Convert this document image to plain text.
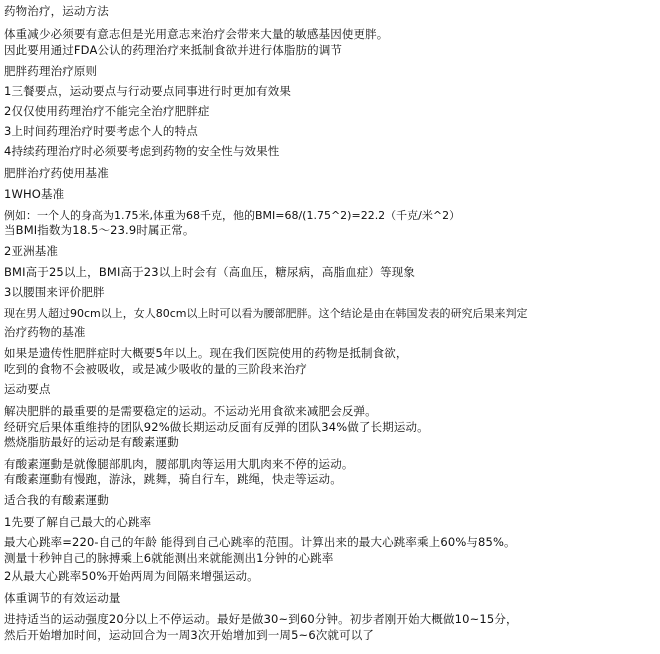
药物治疗，运动方法
体重减少必须要有意志但是光用意志来治疗会带来大量的敏感基因使更胖。
因此要用通过FDA公认的药理治疗来抵制食欲并进行体脂肪的调节
肥胖药理治疗原则
1三餐要点，运动要点与行动要点同事进行时更加有效果
2仅仅使用药理治疗不能完全治疗肥胖症
3上时间药理治疗时要考虑个人的特点
4持续药理治疗时必须要考虑到药物的安全性与效果性
肥胖治疗药使用基准
1WHO基准
例如：一个人的身高为1.75米,体重为68千克，他的BMI=68/(1.75^2)=22.2（千克/米^2）
当BMI指数为18.5～23.9时属正常。
2亚洲基准
BMI高于25以上，BMI高于23以上时会有（高血压，糖尿病，高脂血症）等现象
3以腰围来评价肥胖
现在男人超过90cm以上，女人80cm以上时可以看为腰部肥胖。这个结论是由在韩国发表的研究后果来判定
治疗药物的基准
如果是遗传性肥胖症时大概要5年以上。现在我们医院使用的药物是抵制食欲，
吃到的食物不会被吸收，或是减少吸收的量的三阶段来治疗
运动要点
解决肥胖的最重要的是需要稳定的运动。不运动光用食欲来减肥会反弹。
经研究后果体重维持的团队92%做长期运动反面有反弹的团队34%做了长期运动。
燃烧脂肪最好的运动是有酸素運動
有酸素運動是就像腿部肌肉，腰部肌肉等运用大肌肉来不停的运动。
有酸素運動有慢跑，游泳，跳舞，骑自行车，跳绳，快走等运动。
适合我的有酸素運動
1先要了解自己最大的心跳率
最大心跳率=220-自己的年龄 能得到自己心跳率的范围。计算出来的最大心跳率乘上60%与85%。
测量十秒钟自己的脉搏乘上6就能测出来就能测出1分钟的心跳率
2从最大心跳率50%开始两周为间隔来增强运动。
体重调节的有效运动量
进持适当的运动强度20分以上不停运动。最好是做30~到60分钟。初步者刚开始大概做10~15分，
然后开始增加时间，运动回合为一周3次开始增加到一周5~6次就可以了
